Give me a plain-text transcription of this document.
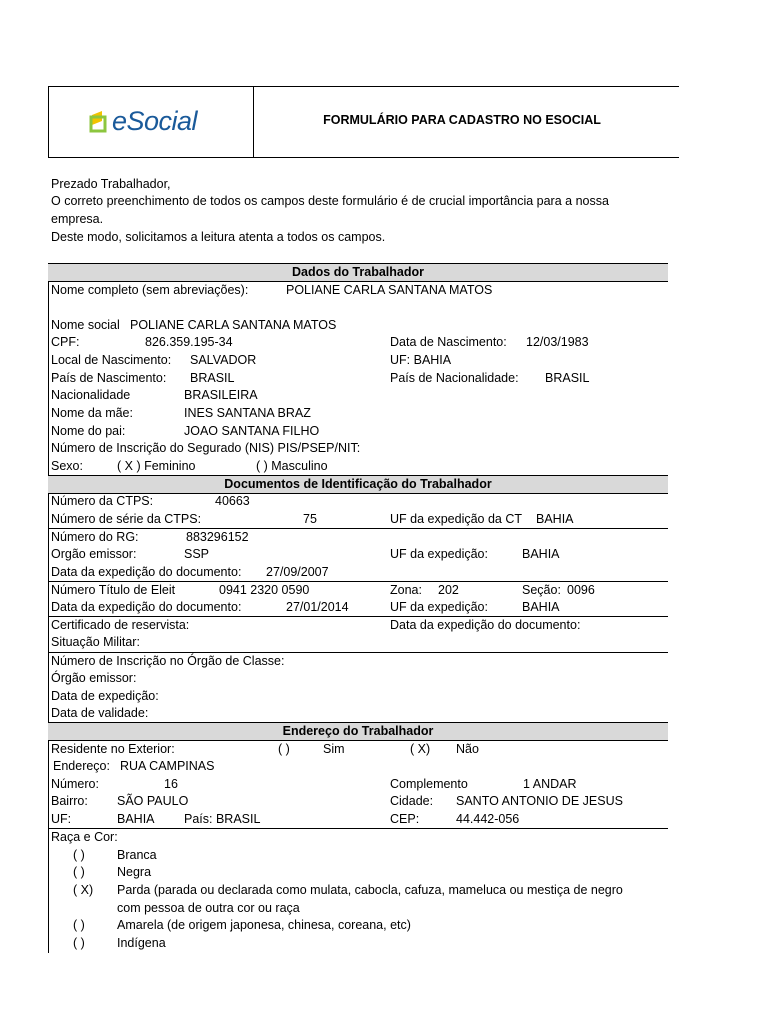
eSocial	FORMULÁRIO PARA CADASTRO NO ESOCIAL
Prezado Trabalhador,
O correto preenchimento de todos os campos deste formulário é de crucial importância para a nossa
empresa.
Deste modo, solicitamos a leitura atenta a todos os campos.
Dados do Trabalhador
Nome completo (sem abreviações):	POLIANE CARLA SANTANA MATOS
Nome social POLIANE CARLA SANTANA MATOS
CPF:	826.359.195-34	Data de Nascimento: 12/03/1983
Local de Nascimento: SALVADOR	UF: BAHIA
País de Nascimento: BRASIL	País de Nacionalidade: BRASIL
Nacionalidade	BRASILEIRA
Nome da mãe:	INES SANTANA BRAZ
Nome do pai:	JOAO SANTANA FILHO
Número de Inscrição do Segurado (NIS) PIS/PSEP/NIT:
Sexo:	( X ) Feminino	( ) Masculino
Documentos de Identificação do Trabalhador
Número da CTPS:	40663
Número de série da CTPS:	75	UF da expedição da CT BAHIA
Número do RG:	883296152
Orgão emissor:	SSP	UF da expedição:	BAHIA
Data da expedição do documento: 27/09/2007
Número Título de Eleit	0941 2320 0590	Zona: 202	Seção: 0096
Data da expedição do documento:	27/01/2014	UF da expedição:	BAHIA
Certificado de reservista:	Data da expedição do documento:
Situação Militar:
Número de Inscrição no Órgão de Classe:
Órgão emissor:
Data de expedição:
Data de validade:
Endereço do Trabalhador
Residente no Exterior:	( )	Sim	( X) Não
Endereço: RUA CAMPINAS
Número:	16	Complemento	1 ANDAR
Bairro: SÃO PAULO	Cidade: SANTO ANTONIO DE JESUS
UF:	BAHIA País: BRASIL	CEP:	44.442-056
Raça e Cor:
( )	Branca
( )	Negra
( X) Parda (parada ou declarada como mulata, cabocla, cafuza, mameluca ou mestiça de negro
com pessoa de outra cor ou raça
( )	Amarela (de origem japonesa, chinesa, coreana, etc)
( )	Indígena
